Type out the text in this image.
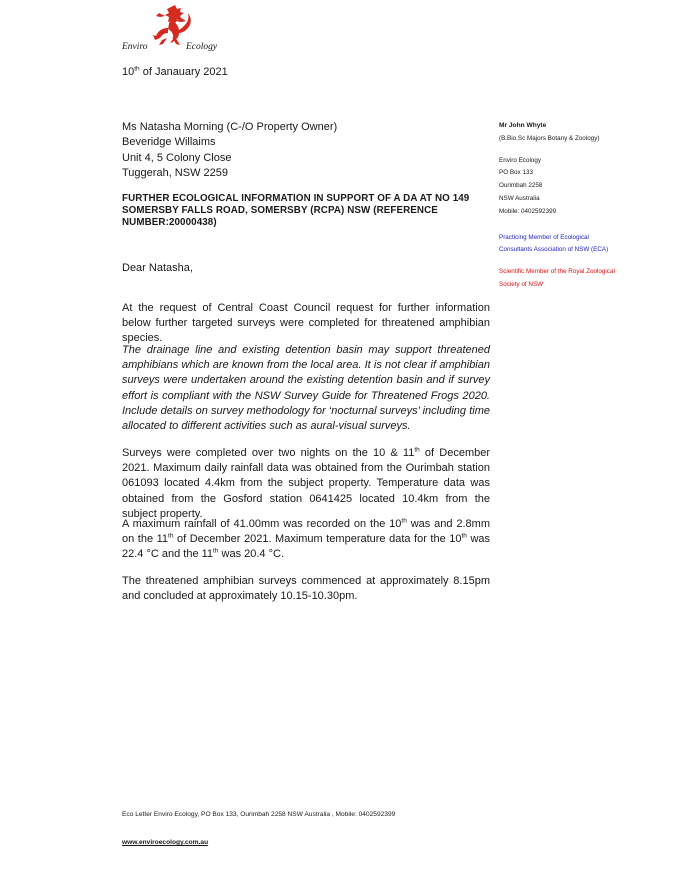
Enviro	Ecology
10th of Janauary 2021
Ms Natasha Morning (C-/O Property Owner)
Beveridge Willaims
Unit 4, 5 Colony Close
Tuggerah, NSW 2259
FURTHER ECOLOGICAL INFORMATION IN SUPPORT OF A DA AT NO 149 SOMERSBY FALLS ROAD, SOMERSBY (RCPA) NSW (REFERENCE NUMBER:20000438)
Dear Natasha,
At the request of Central Coast Council request for further information below further targeted surveys were completed for threatened amphibian species.
The drainage line and existing detention basin may support threatened amphibians which are known from the local area. It is not clear if amphibian surveys were undertaken around the existing detention basin and if survey effort is compliant with the NSW Survey Guide for Threatened Frogs 2020. Include details on survey methodology for ‘nocturnal surveys’ including time allocated to different activities such as aural-visual surveys.
Surveys were completed over two nights on the 10 & 11th of December 2021. Maximum daily rainfall data was obtained from the Ourimbah station 061093 located 4.4km from the subject property. Temperature data was obtained from the Gosford station 0641425 located 10.4km from the subject property.
A maximum rainfall of 41.00mm was recorded on the 10th was and 2.8mm on the 11th of December 2021. Maximum temperature data for the 10th was 22.4 °C and the 11th was 20.4 °C.
The threatened amphibian surveys commenced at approximately 8.15pm and concluded at approximately 10.15-10.30pm.
Mr John Whyte
(B.Bio.Sc Majors Botany & Zoology)
Enviro Ecology
PO Box 133
Ourimbah 2258
NSW Australia
Mobile: 0402592399
Practicing Member of Ecological
Consultants Association of NSW (ECA)
Scientific Member of the Royal Zoological
Society of NSW
Eco Letter Enviro Ecology, PO Box 133, Ourimbah 2258 NSW Australia , Mobile: 0402592399
www.enviroecology.com.au
